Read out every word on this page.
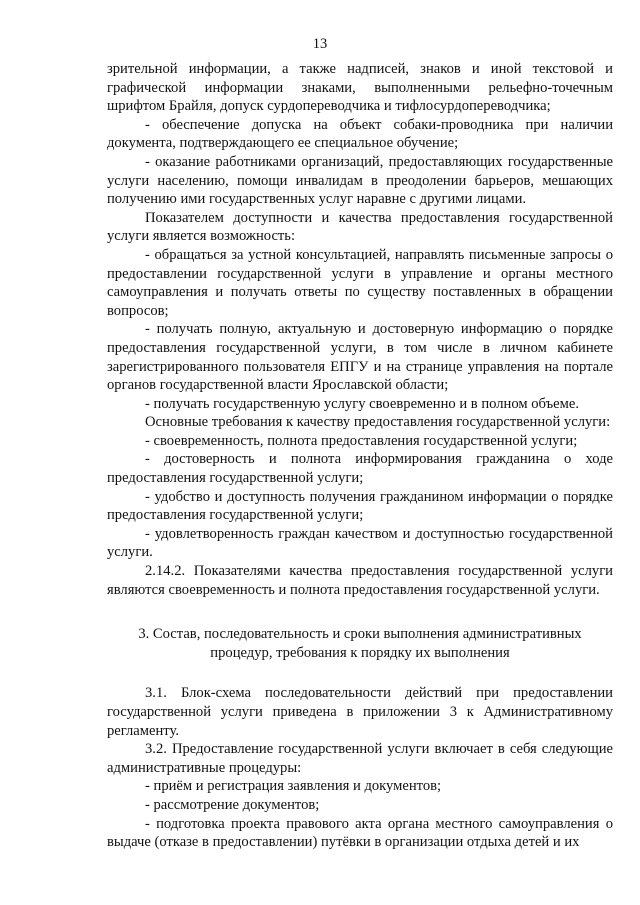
13

зрительной информации, а также надписей, знаков и иной текстовой и графической информации знаками, выполненными рельефно-точечным шрифтом Брайля, допуск сурдопереводчика и тифлосурдопереводчика;

- обеспечение допуска на объект собаки-проводника при наличии документа, подтверждающего ее специальное обучение;

- оказание работниками организаций, предоставляющих государственные услуги населению, помощи инвалидам в преодолении барьеров, мешающих получению ими государственных услуг наравне с другими лицами.

Показателем доступности и качества предоставления государственной услуги является возможность:

- обращаться за устной консультацией, направлять письменные запросы о предоставлении государственной услуги в управление и органы местного самоуправления и получать ответы по существу поставленных в обращении вопросов;

- получать полную, актуальную и достоверную информацию о порядке предоставления государственной услуги, в том числе в личном кабинете зарегистрированного пользователя ЕПГУ и на странице управления на портале органов государственной власти Ярославской области;

- получать государственную услугу своевременно и в полном объеме.

Основные требования к качеству предоставления государственной услуги:

- своевременность, полнота предоставления государственной услуги;

- достоверность и полнота информирования гражданина о ходе предоставления государственной услуги;

- удобство и доступность получения гражданином информации о порядке предоставления государственной услуги;

- удовлетворенность граждан качеством и доступностью государственной услуги.

2.14.2. Показателями качества предоставления государственной услуги являются своевременность и полнота предоставления государственной услуги.

3. Состав, последовательность и сроки выполнения административных
процедур, требования к порядку их выполнения

3.1. Блок-схема последовательности действий при предоставлении государственной услуги приведена в приложении 3 к Административному регламенту.

3.2. Предоставление государственной услуги включает в себя следующие административные процедуры:

- приём и регистрация заявления и документов;

- рассмотрение документов;

- подготовка проекта правового акта органа местного самоуправления о выдаче (отказе в предоставлении) путёвки в организации отдыха детей и их
